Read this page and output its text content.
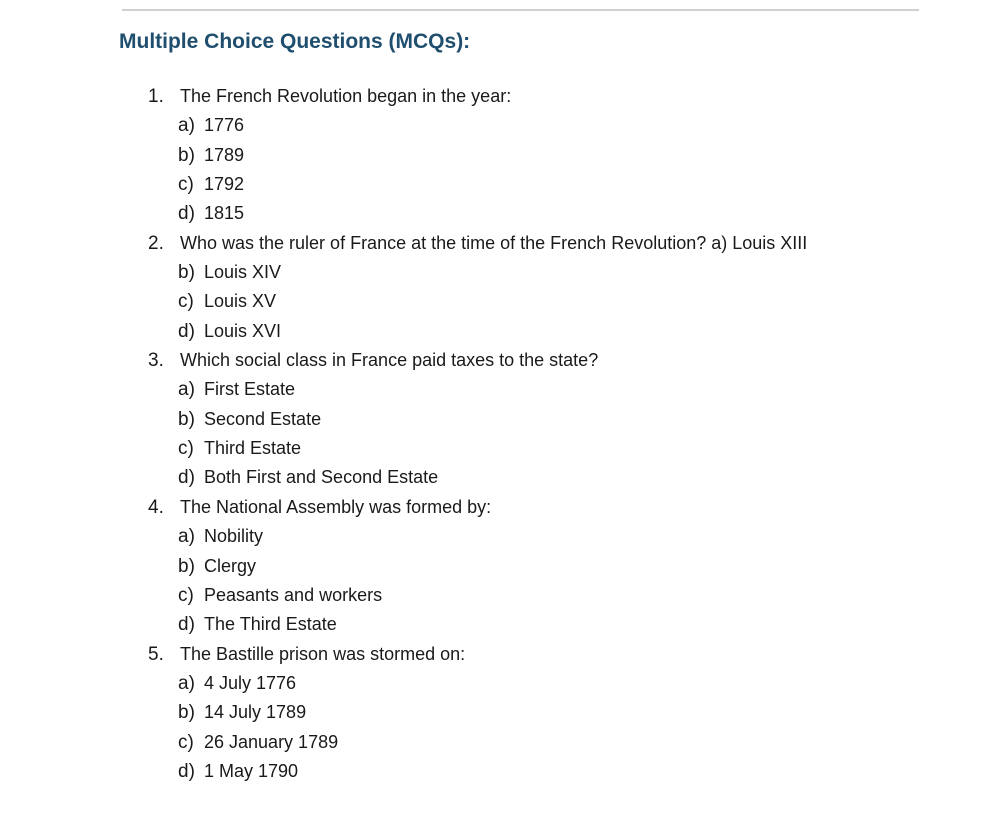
Multiple Choice Questions (MCQs):
1. The French Revolution began in the year:
a) 1776
b) 1789
c) 1792
d) 1815
2. Who was the ruler of France at the time of the French Revolution? a) Louis XIII
b) Louis XIV
c) Louis XV
d) Louis XVI
3. Which social class in France paid taxes to the state?
a) First Estate
b) Second Estate
c) Third Estate
d) Both First and Second Estate
4. The National Assembly was formed by:
a) Nobility
b) Clergy
c) Peasants and workers
d) The Third Estate
5. The Bastille prison was stormed on:
a) 4 July 1776
b) 14 July 1789
c) 26 January 1789
d) 1 May 1790
